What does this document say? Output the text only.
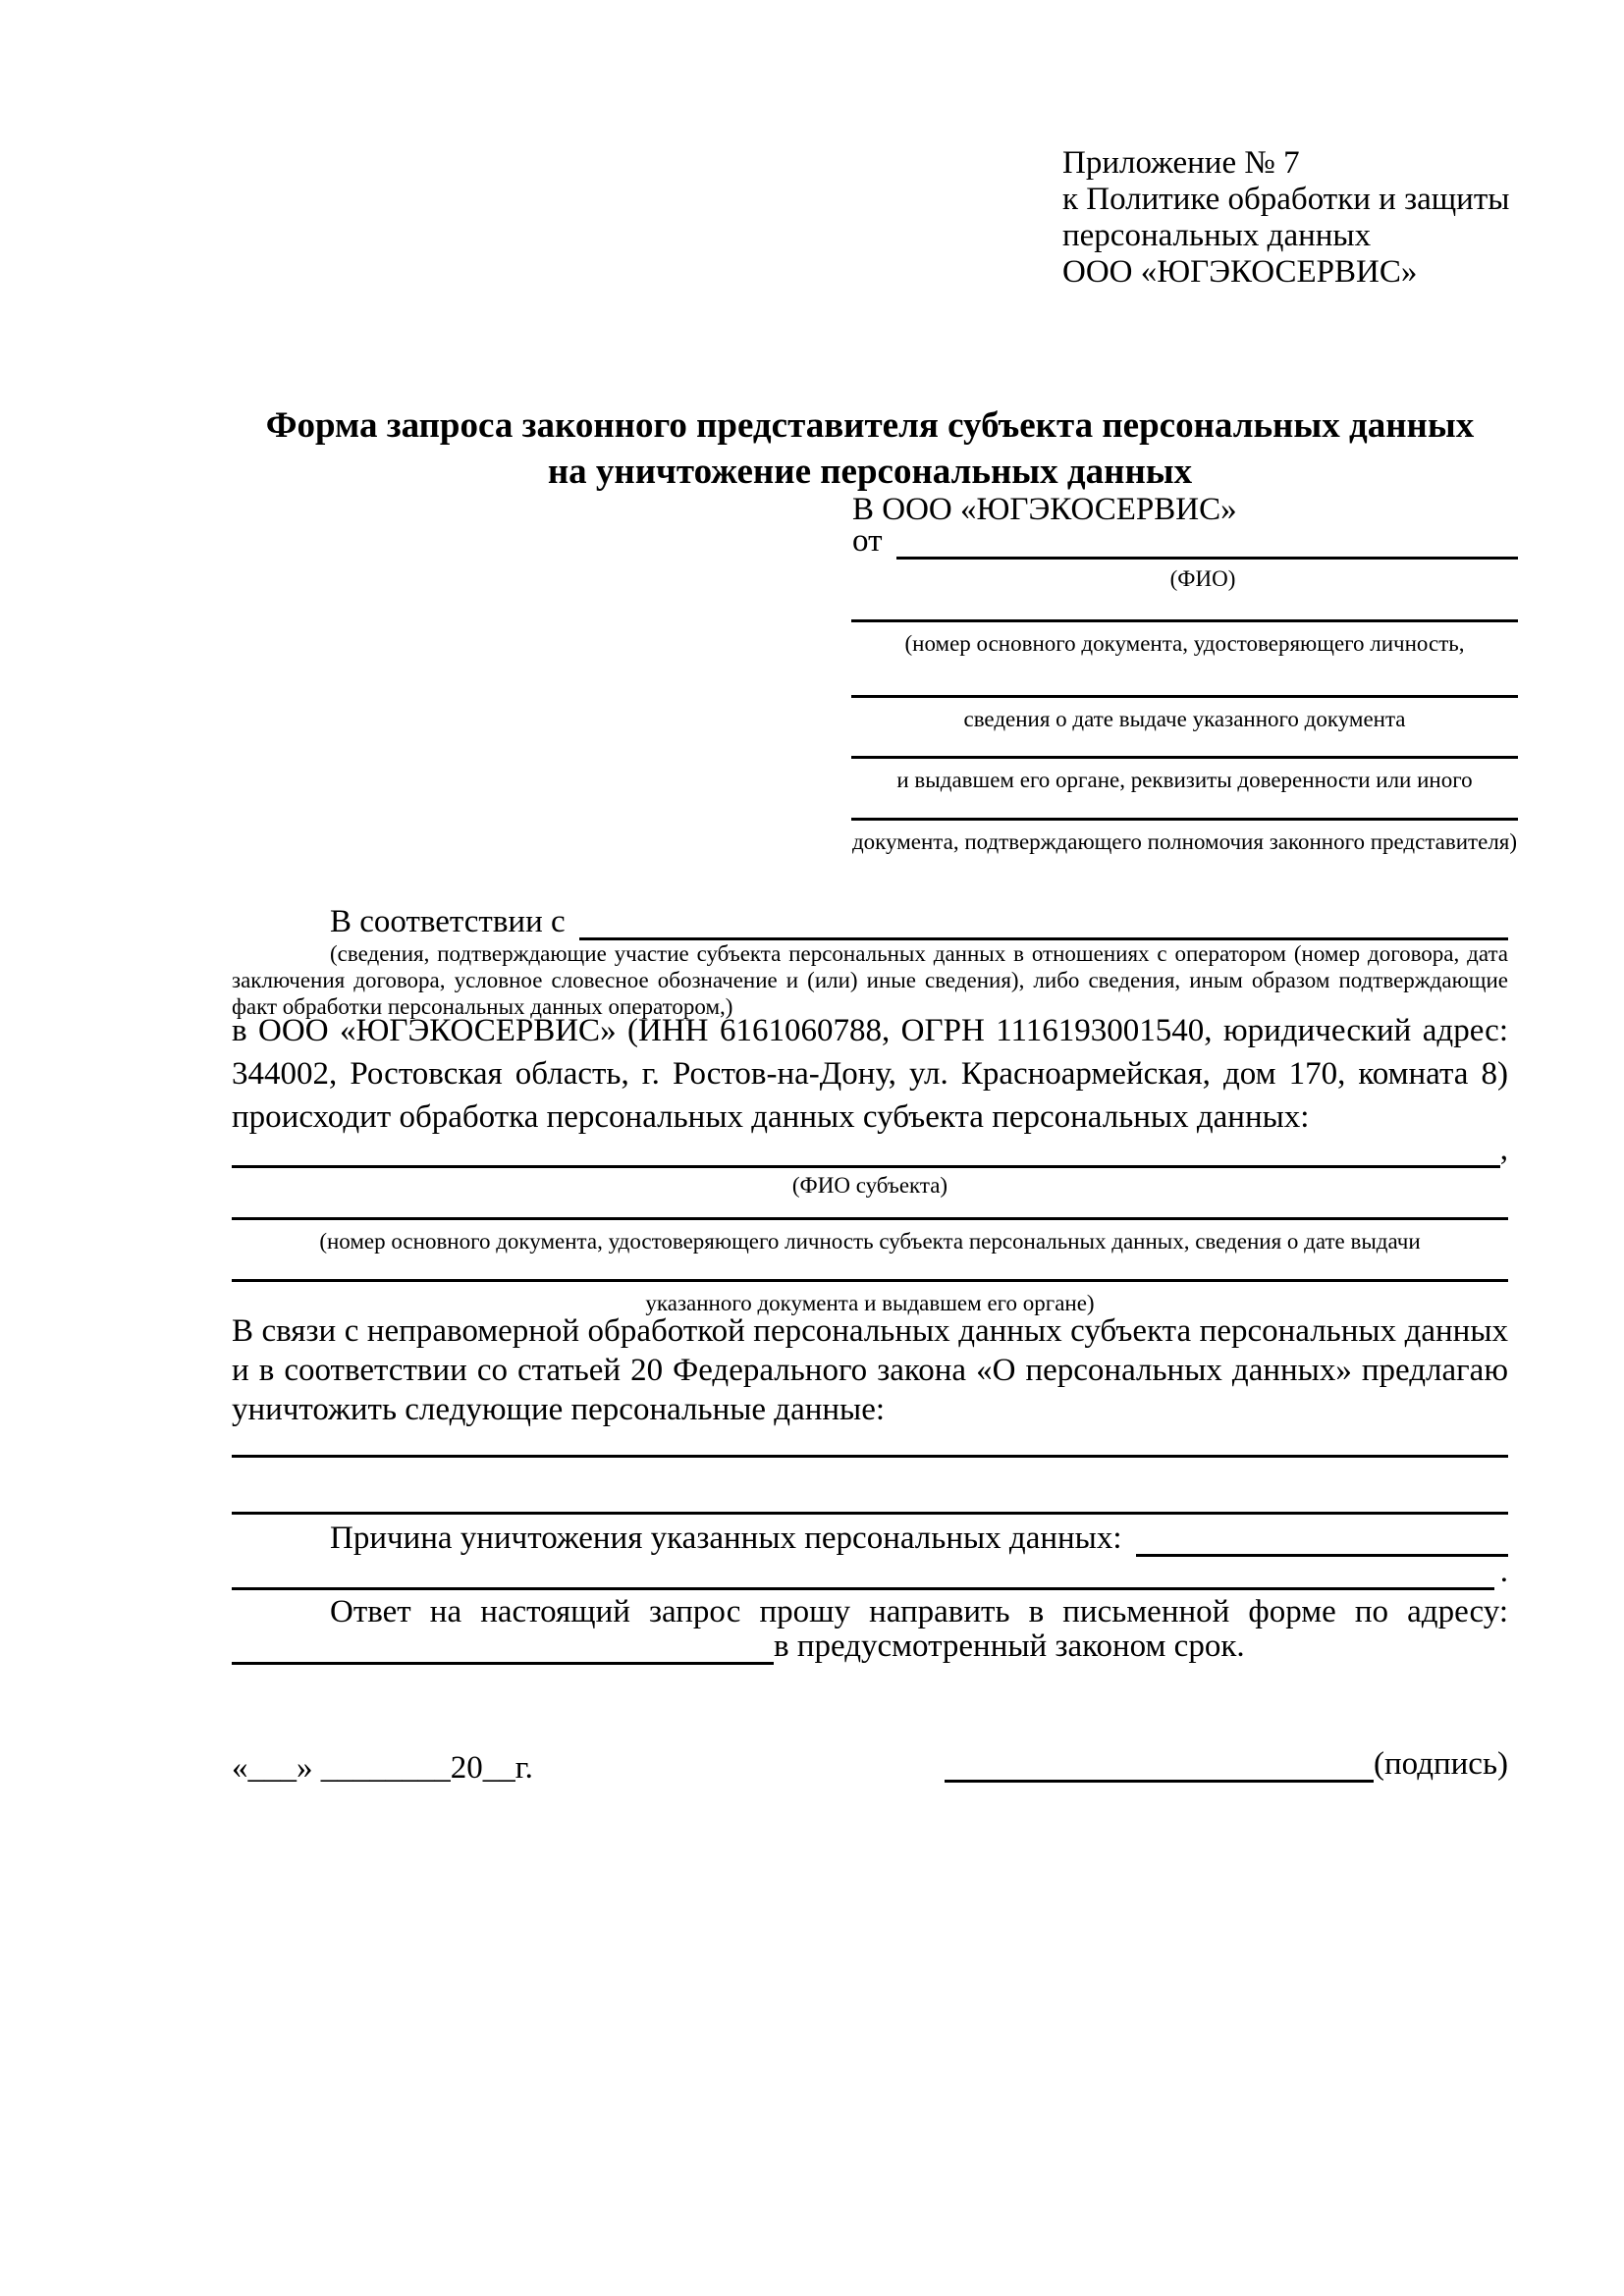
Приложение № 7
к Политике обработки и защиты
персональных данных
ООО «ЮГЭКОСЕРВИС»
Форма запроса законного представителя субъекта персональных данных
на уничтожение персональных данных
В ООО «ЮГЭКОСЕРВИС»
от
(ФИО)
(номер основного документа, удостоверяющего личность,
сведения о дате выдаче указанного документа
и выдавшем его органе, реквизиты доверенности или иного
документа, подтверждающего полномочия законного представителя)
В соответствии с
(сведения, подтверждающие участие субъекта персональных данных в отношениях с оператором (номер договора, дата заключения договора, условное словесное обозначение и (или) иные сведения), либо сведения, иным образом подтверждающие факт обработки персональных данных оператором,)

в ООО «ЮГЭКОСЕРВИС» (ИНН 6161060788, ОГРН 1116193001540, юридический адрес: 344002, Ростовская область, г. Ростов-на-Дону, ул. Красноармейская, дом 170, комната 8) происходит обработка персональных данных субъекта персональных данных:

,
(ФИО субъекта)
(номер основного документа, удостоверяющего личность субъекта персональных данных, сведения о дате выдачи
указанного документа и выдавшем его органе)

В связи с неправомерной обработкой персональных данных субъекта персональных данных и в соответствии со статьей 20 Федерального закона «О персональных данных» предлагаю уничтожить следующие персональные данные:

Причина уничтожения указанных персональных данных:
.

Ответ на настоящий запрос прошу направить в письменной форме по адресу:

в предусмотренный законом срок.
«___» ________20__г.	(подпись)
